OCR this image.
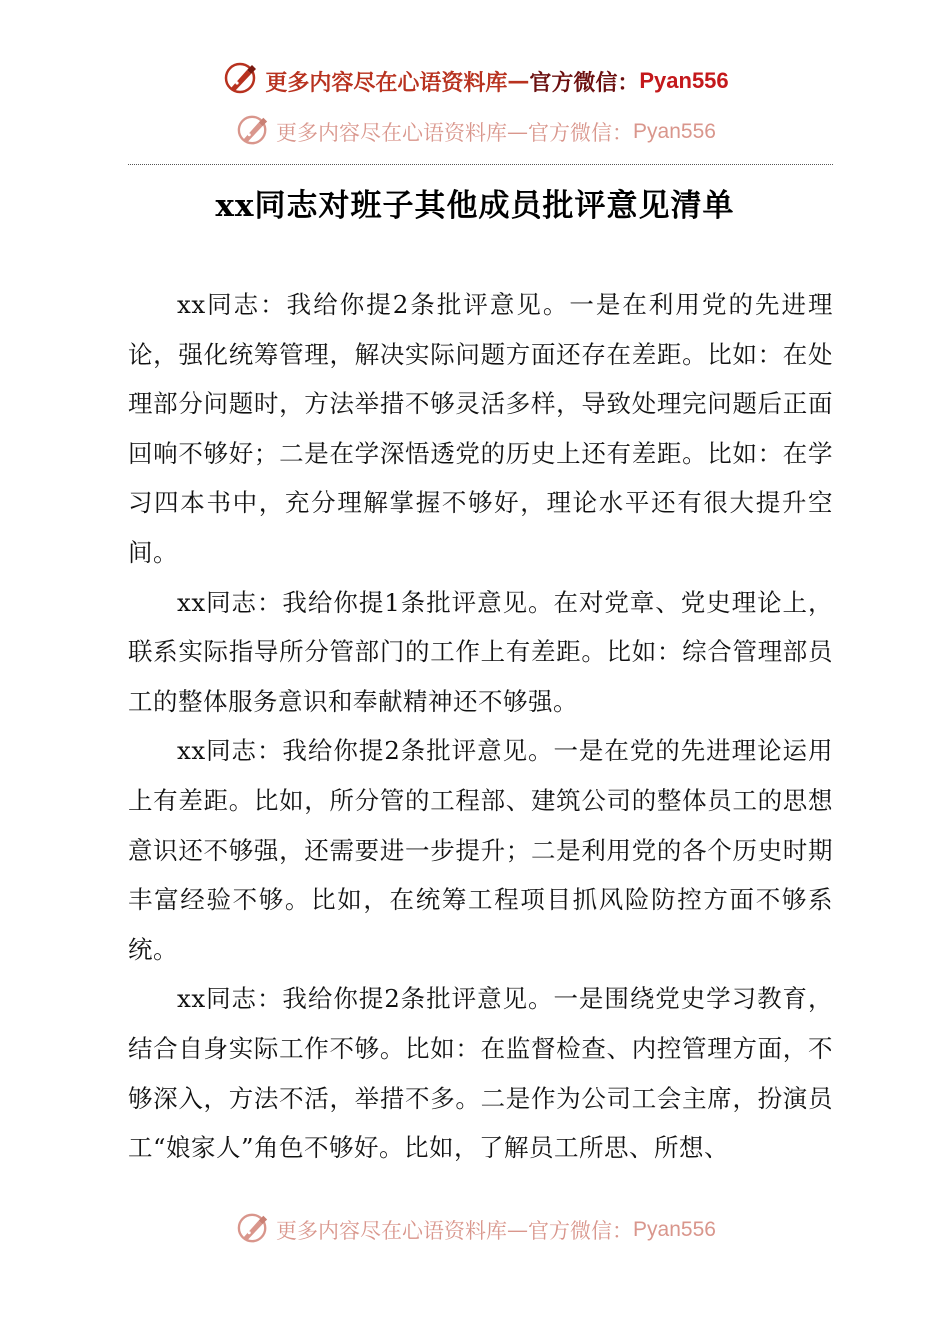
更多内容尽在心语资料库 — 官方微信： Pyan556
更多内容尽在心语资料库 — 官方微信： Pyan556
xx同志对班子其他成员批评意见清单

xx同志：我给你提2条批评意见。一是在利用党的先进理论，强化统筹管理，解决实际问题方面还存在差距。比如：在处理部分问题时，方法举措不够灵活多样，导致处理完问题后正面回响不够好；二是在学深悟透党的历史上还有差距。比如：在学习四本书中，充分理解掌握不够好，理论水平还有很大提升空间。

xx同志：我给你提1条批评意见。在对党章、党史理论上，联系实际指导所分管部门的工作上有差距。比如：综合管理部员工的整体服务意识和奉献精神还不够强。

xx同志：我给你提2条批评意见。一是在党的先进理论运用上有差距。比如，所分管的工程部、建筑公司的整体员工的思想意识还不够强，还需要进一步提升；二是利用党的各个历史时期丰富经验不够。比如，在统筹工程项目抓风险防控方面不够系统。

xx同志：我给你提2条批评意见。一是围绕党史学习教育，结合自身实际工作不够。比如：在监督检查、内控管理方面，不够深入，方法不活，举措不多。二是作为公司工会主席，扮演员工“娘家人”角色不够好。比如，了解员工所思、所想、

更多内容尽在心语资料库 — 官方微信： Pyan556
